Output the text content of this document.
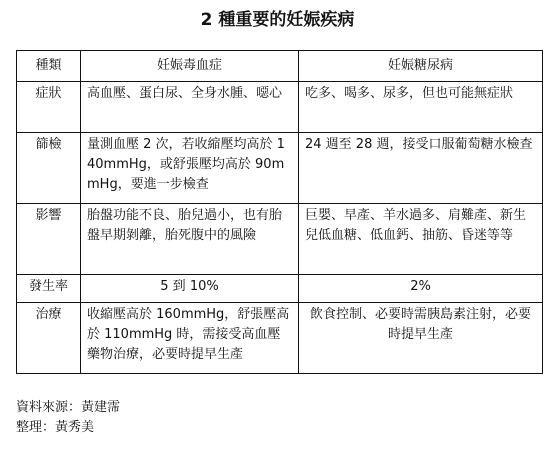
2 種重要的妊娠疾病
種類	妊娠毒血症	妊娠糖尿病
症狀	高血壓、蛋白尿、全身水腫、噁心	吃多、喝多、尿多，但也可能無症狀
篩檢	量測血壓 2 次，若收縮壓均高於 140mmHg，或舒張壓均高於 90mmHg，要進一步檢查	24 週至 28 週，接受口服葡萄糖水檢查
影響	胎盤功能不良、胎兒過小，也有胎盤早期剝離，胎死腹中的風險	巨嬰、早產、羊水過多、肩難產、新生兒低血糖、低血鈣、抽筋、昏迷等等
發生率	5 到 10%	2%
治療	收縮壓高於 160mmHg，舒張壓高於 110mmHg 時，需接受高血壓藥物治療，必要時提早生產	飲食控制、必要時需胰島素注射，必要時提早生產
資料來源：黃建霈
整理：黃秀美
